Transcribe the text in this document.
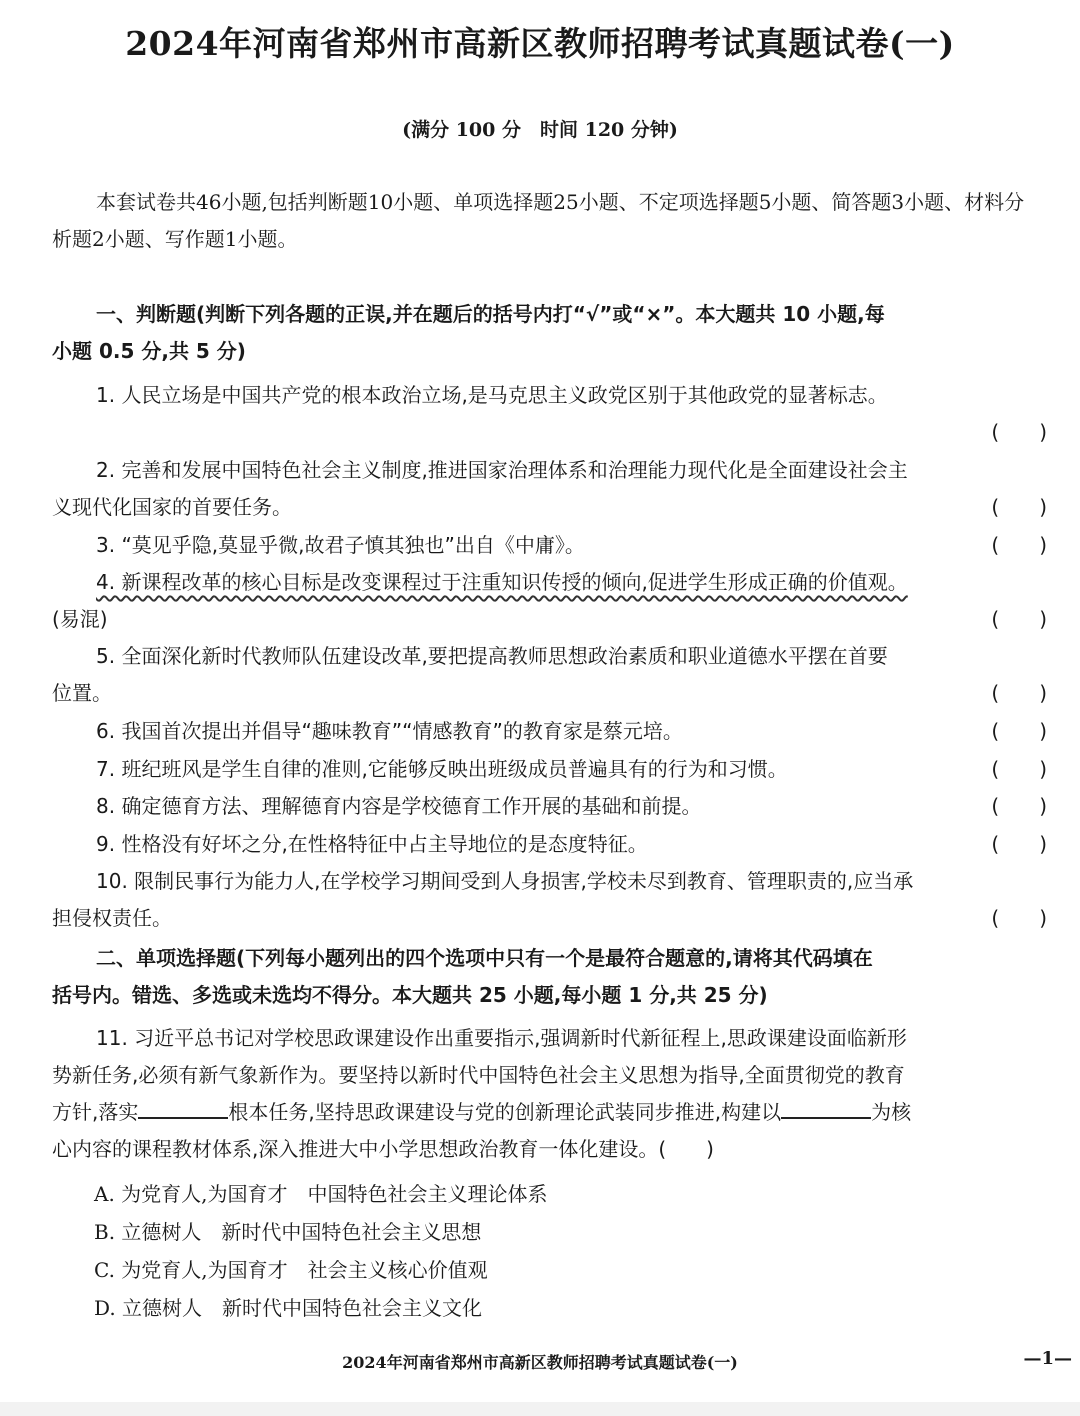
2024年河南省郑州市高新区教师招聘考试真题试卷(一)
(满分 100 分　时间 120 分钟)
本套试卷共46小题,包括判断题10小题、单项选择题25小题、不定项选择题5小题、简答题3小题、材料分析题2小题、写作题1小题。
一、判断题(判断下列各题的正误,并在题后的括号内打“√”或“×”。本大题共 10 小题,每
小题 0.5 分,共 5 分)
1. 人民立场是中国共产党的根本政治立场,是马克思主义政党区别于其他政党的显著标志。
(　　)
2. 完善和发展中国特色社会主义制度,推进国家治理体系和治理能力现代化是全面建设社会主
义现代化国家的首要任务。	(　　)
3. “莫见乎隐,莫显乎微,故君子慎其独也”出自《中庸》。	(　　)
4. 新课程改革的核心目标是改变课程过于注重知识传授的倾向,促进学生形成正确的价值观。
(易混)	(　　)
5. 全面深化新时代教师队伍建设改革,要把提高教师思想政治素质和职业道德水平摆在首要
位置。	(　　)
6. 我国首次提出并倡导“趣味教育”“情感教育”的教育家是蔡元培。	(　　)
7. 班纪班风是学生自律的准则,它能够反映出班级成员普遍具有的行为和习惯。	(　　)
8. 确定德育方法、理解德育内容是学校德育工作开展的基础和前提。	(　　)
9. 性格没有好坏之分,在性格特征中占主导地位的是态度特征。	(　　)
10. 限制民事行为能力人,在学校学习期间受到人身损害,学校未尽到教育、管理职责的,应当承
担侵权责任。	(　　)
二、单项选择题(下列每小题列出的四个选项中只有一个是最符合题意的,请将其代码填在
括号内。错选、多选或未选均不得分。本大题共 25 小题,每小题 1 分,共 25 分)
11. 习近平总书记对学校思政课建设作出重要指示,强调新时代新征程上,思政课建设面临新形
势新任务,必须有新气象新作为。要坚持以新时代中国特色社会主义思想为指导,全面贯彻党的教育
方针,落实	根本任务,坚持思政课建设与党的创新理论武装同步推进,构建以	为核
心内容的课程教材体系,深入推进大中小学思想政治教育一体化建设。(　　)
A. 为党育人,为国育才　中国特色社会主义理论体系
B. 立德树人　新时代中国特色社会主义思想
C. 为党育人,为国育才　社会主义核心价值观
D. 立德树人　新时代中国特色社会主义文化
2024年河南省郑州市高新区教师招聘考试真题试卷(一)	—1—
